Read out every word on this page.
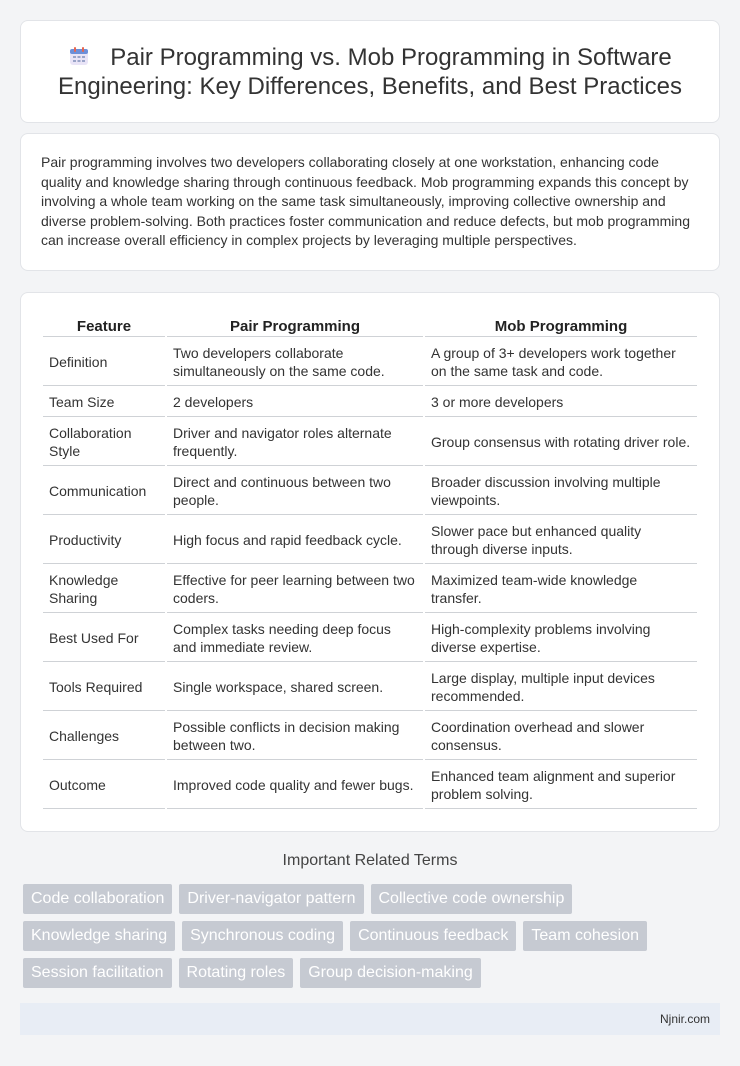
Pair Programming vs. Mob Programming in Software Engineering: Key Differences, Benefits, and Best Practices

Pair programming involves two developers collaborating closely at one workstation, enhancing code quality and knowledge sharing through continuous feedback. Mob programming expands this concept by involving a whole team working on the same task simultaneously, improving collective ownership and diverse problem-solving. Both practices foster communication and reduce defects, but mob programming can increase overall efficiency in complex projects by leveraging multiple perspectives.

Feature	Pair Programming	Mob Programming
Definition	Two developers collaborate simultaneously on the same code.	A group of 3+ developers work together on the same task and code.
Team Size	2 developers	3 or more developers
Collaboration Style	Driver and navigator roles alternate frequently.	Group consensus with rotating driver role.
Communication	Direct and continuous between two people.	Broader discussion involving multiple viewpoints.
Productivity	High focus and rapid feedback cycle.	Slower pace but enhanced quality through diverse inputs.
Knowledge Sharing	Effective for peer learning between two coders.	Maximized team-wide knowledge transfer.
Best Used For	Complex tasks needing deep focus and immediate review.	High-complexity problems involving diverse expertise.
Tools Required	Single workspace, shared screen.	Large display, multiple input devices recommended.
Challenges	Possible conflicts in decision making between two.	Coordination overhead and slower consensus.
Outcome	Improved code quality and fewer bugs.	Enhanced team alignment and superior problem solving.
Important Related Terms
Code collaboration	Driver-navigator pattern	Collective code ownership
Knowledge sharing	Synchronous coding	Continuous feedback	Team cohesion
Session facilitation	Rotating roles	Group decision-making
Njnir.com
